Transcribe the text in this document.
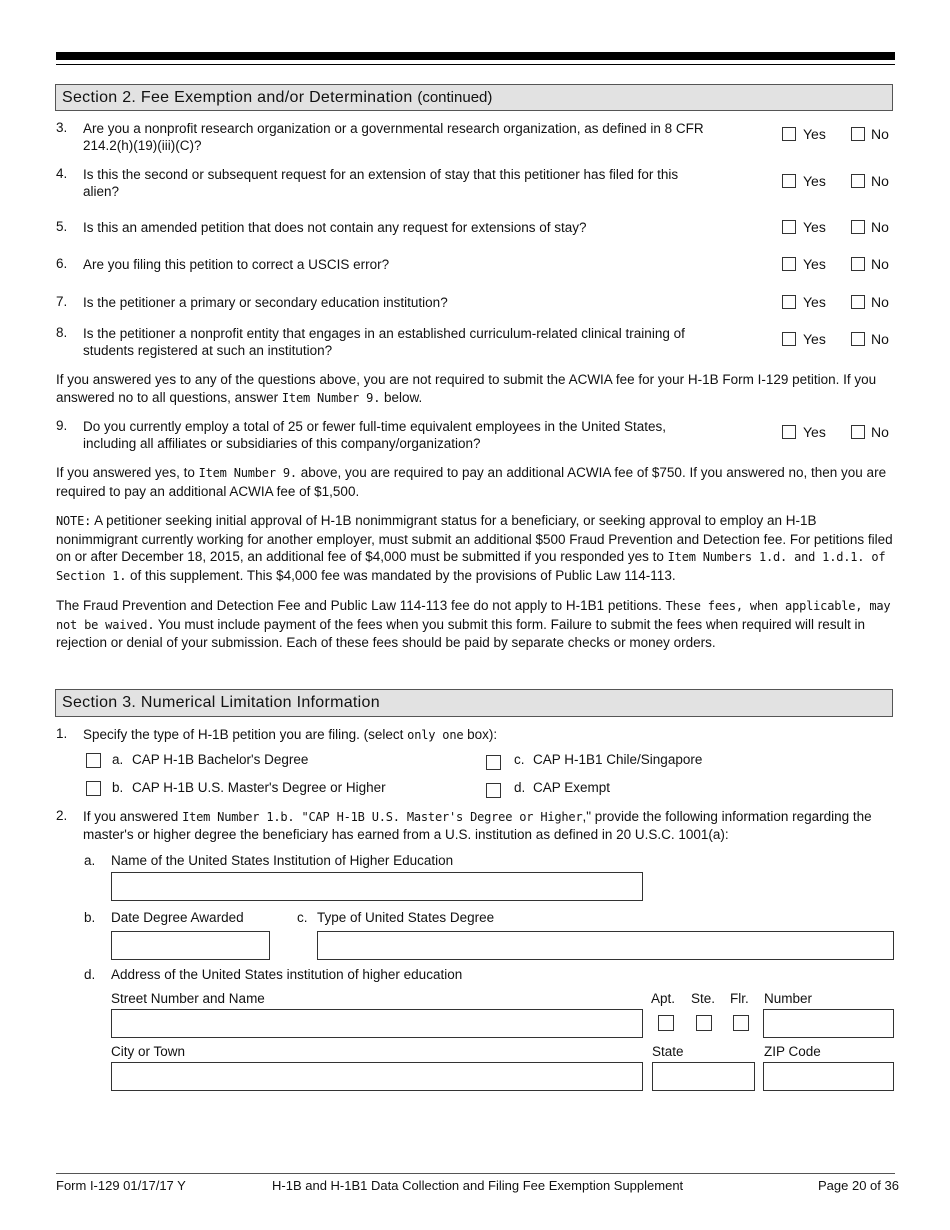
Section 2. Fee Exemption and/or Determination (continued)
3. Are you a nonprofit research organization or a governmental research organization, as defined in 8 CFR 214.2(h)(19)(iii)(C)?
Yes	No
4. Is this the second or subsequent request for an extension of stay that this petitioner has filed for this alien?
Yes	No
5. Is this an amended petition that does not contain any request for extensions of stay?	Yes	No
6. Are you filing this petition to correct a USCIS error?	Yes	No
7. Is the petitioner a primary or secondary education institution?	Yes	No
8. Is the petitioner a nonprofit entity that engages in an established curriculum-related clinical training of students registered at such an institution?
Yes	No
If you answered yes to any of the questions above, you are not required to submit the ACWIA fee for your H-1B Form I-129 petition. If you answered no to all questions, answer Item Number 9. below.
9. Do you currently employ a total of 25 or fewer full-time equivalent employees in the United States, including all affiliates or subsidiaries of this company/organization?
Yes	No
If you answered yes, to Item Number 9. above, you are required to pay an additional ACWIA fee of $750. If you answered no, then you are required to pay an additional ACWIA fee of $1,500.
NOTE: A petitioner seeking initial approval of H-1B nonimmigrant status for a beneficiary, or seeking approval to employ an H-1B nonimmigrant currently working for another employer, must submit an additional $500 Fraud Prevention and Detection fee. For petitions filed on or after December 18, 2015, an additional fee of $4,000 must be submitted if you responded yes to Item Numbers 1.d. and 1.d.1. of Section 1. of this supplement. This $4,000 fee was mandated by the provisions of Public Law 114-113.
The Fraud Prevention and Detection Fee and Public Law 114-113 fee do not apply to H-1B1 petitions. These fees, when applicable, may not be waived. You must include payment of the fees when you submit this form. Failure to submit the fees when required will result in rejection or denial of your submission. Each of these fees should be paid by separate checks or money orders.
Section 3. Numerical Limitation Information
1. Specify the type of H-1B petition you are filing. (select only one box):
a. CAP H-1B Bachelor's Degree
b. CAP H-1B U.S. Master's Degree or Higher
c. CAP H-1B1 Chile/Singapore
d. CAP Exempt
2. If you answered Item Number 1.b. "CAP H-1B U.S. Master's Degree or Higher," provide the following information regarding the master's or higher degree the beneficiary has earned from a U.S. institution as defined in 20 U.S.C. 1001(a):
a. Name of the United States Institution of Higher Education
b. Date Degree Awarded	c. Type of United States Degree
d. Address of the United States institution of higher education
Street Number and Name	Apt. Ste. Flr. Number
City or Town	State	ZIP Code
Form I-129 01/17/17 Y	H-1B and H-1B1 Data Collection and Filing Fee Exemption Supplement	Page 20 of 36
